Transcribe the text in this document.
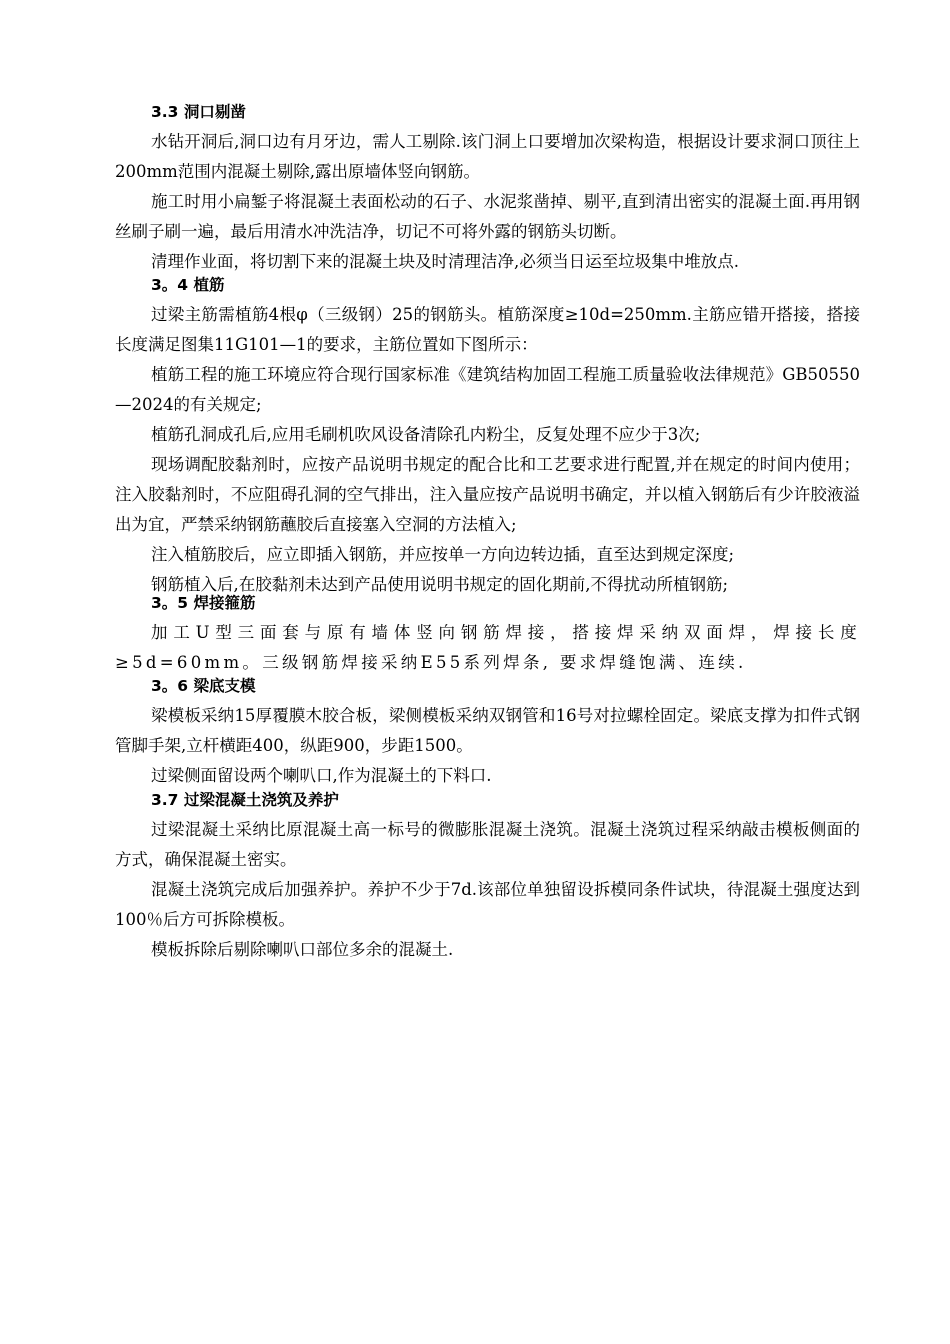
3.3 洞口剔凿

水钻开洞后,洞口边有月牙边，需人工剔除.该门洞上口要增加次梁构造，根据设计要求洞口顶往上200mm范围内混凝土剔除,露出原墙体竖向钢筋。

施工时用小扁錾子将混凝土表面松动的石子、水泥浆凿掉、剔平,直到清出密实的混凝土面.再用钢丝刷子刷一遍，最后用清水冲洗洁净，切记不可将外露的钢筋头切断。

清理作业面，将切割下来的混凝土块及时清理洁净,必须当日运至垃圾集中堆放点.

3。4 植筋

过梁主筋需植筋4根φ（三级钢）25的钢筋头。植筋深度≥10d=250mm.主筋应错开搭接，搭接长度满足图集11G101—1的要求，主筋位置如下图所示：

植筋工程的施工环境应符合现行国家标准《建筑结构加固工程施工质量验收法律规范》GB50550—2024的有关规定;

植筋孔洞成孔后,应用毛刷机吹风设备清除孔内粉尘，反复处理不应少于3次;

现场调配胶黏剂时，应按产品说明书规定的配合比和工艺要求进行配置,并在规定的时间内使用；注入胶黏剂时，不应阻碍孔洞的空气排出，注入量应按产品说明书确定，并以植入钢筋后有少许胶液溢出为宜，严禁采纳钢筋蘸胶后直接塞入空洞的方法植入;

注入植筋胶后，应立即插入钢筋，并应按单一方向边转边插，直至达到规定深度;

钢筋植入后,在胶黏剂未达到产品使用说明书规定的固化期前,不得扰动所植钢筋;

3。5 焊接箍筋

加工U型三面套与原有墙体竖向钢筋焊接，搭接焊采纳双面焊，焊接长度≥5d=60mm。三级钢筋焊接采纳E55系列焊条, 要求焊缝饱满、连续.

3。6 梁底支模

梁模板采纳15厚覆膜木胶合板，梁侧模板采纳双钢管和16号对拉螺栓固定。梁底支撑为扣件式钢管脚手架,立杆横距400，纵距900，步距1500。

过梁侧面留设两个喇叭口,作为混凝土的下料口.

3.7 过梁混凝土浇筑及养护

过梁混凝土采纳比原混凝土高一标号的微膨胀混凝土浇筑。混凝土浇筑过程采纳敲击模板侧面的方式，确保混凝土密实。

混凝土浇筑完成后加强养护。养护不少于7d.该部位单独留设拆模同条件试块，待混凝土强度达到100％后方可拆除模板。

模板拆除后剔除喇叭口部位多余的混凝土.
